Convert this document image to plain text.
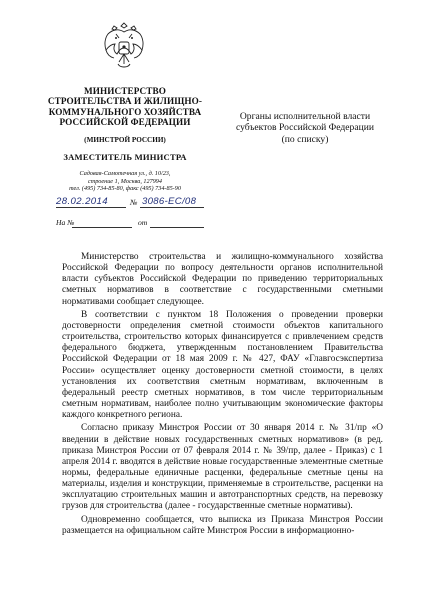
МИНИСТЕРСТВО
СТРОИТЕЛЬСТВА И ЖИЛИЩНО-
КОММУНАЛЬНОГО ХОЗЯЙСТВА
РОССИЙСКОЙ ФЕДЕРАЦИИ
(МИНСТРОЙ РОССИИ)
ЗАМЕСТИТЕЛЬ МИНИСТРА
Садовая-Самотечная ул., д. 10/23,
строение 1, Москва, 127994
тел. (495) 734-85-80, факс (495) 734-85-90
28.02.2014	№ 3086-ЕС/08
На №	от
Органы исполнительной власти
субъектов Российской Федерации
(по списку)

Министерство строительства и жилищно-коммунального хозяйства Российской Федерации по вопросу деятельности органов исполнительной власти субъектов Российской Федерации по приведению территориальных сметных нормативов в соответствие с государственными сметными нормативами сообщает следующее.

В соответствии с пунктом 18 Положения о проведении проверки достоверности определения сметной стоимости объектов капитального строительства, строительство которых финансируется с привлечением средств федерального бюджета, утвержденным постановлением Правительства Российской Федерации от 18 мая 2009 г. № 427, ФАУ «Главгосэкспертиза России» осуществляет оценку достоверности сметной стоимости, в целях установления их соответствия сметным нормативам, включенным в федеральный реестр сметных нормативов, в том числе территориальным сметным нормативам, наиболее полно учитывающим экономические факторы каждого конкретного региона.

Согласно приказу Минстроя России от 30 января 2014 г. № 31/пр «О введении в действие новых государственных сметных нормативов» (в ред. приказа Минстроя России от 07 февраля 2014 г. № 39/пр, далее - Приказ) с 1 апреля 2014 г. вводятся в действие новые государственные элементные сметные нормы, федеральные единичные расценки, федеральные сметные цены на материалы, изделия и конструкции, применяемые в строительстве, расценки на эксплуатацию строительных машин и автотранспортных средств, на перевозку грузов для строительства (далее - государственные сметные нормативы).

Одновременно сообщается, что выписка из Приказа Минстроя России размещается на официальном сайте Минстроя России в информационно-
